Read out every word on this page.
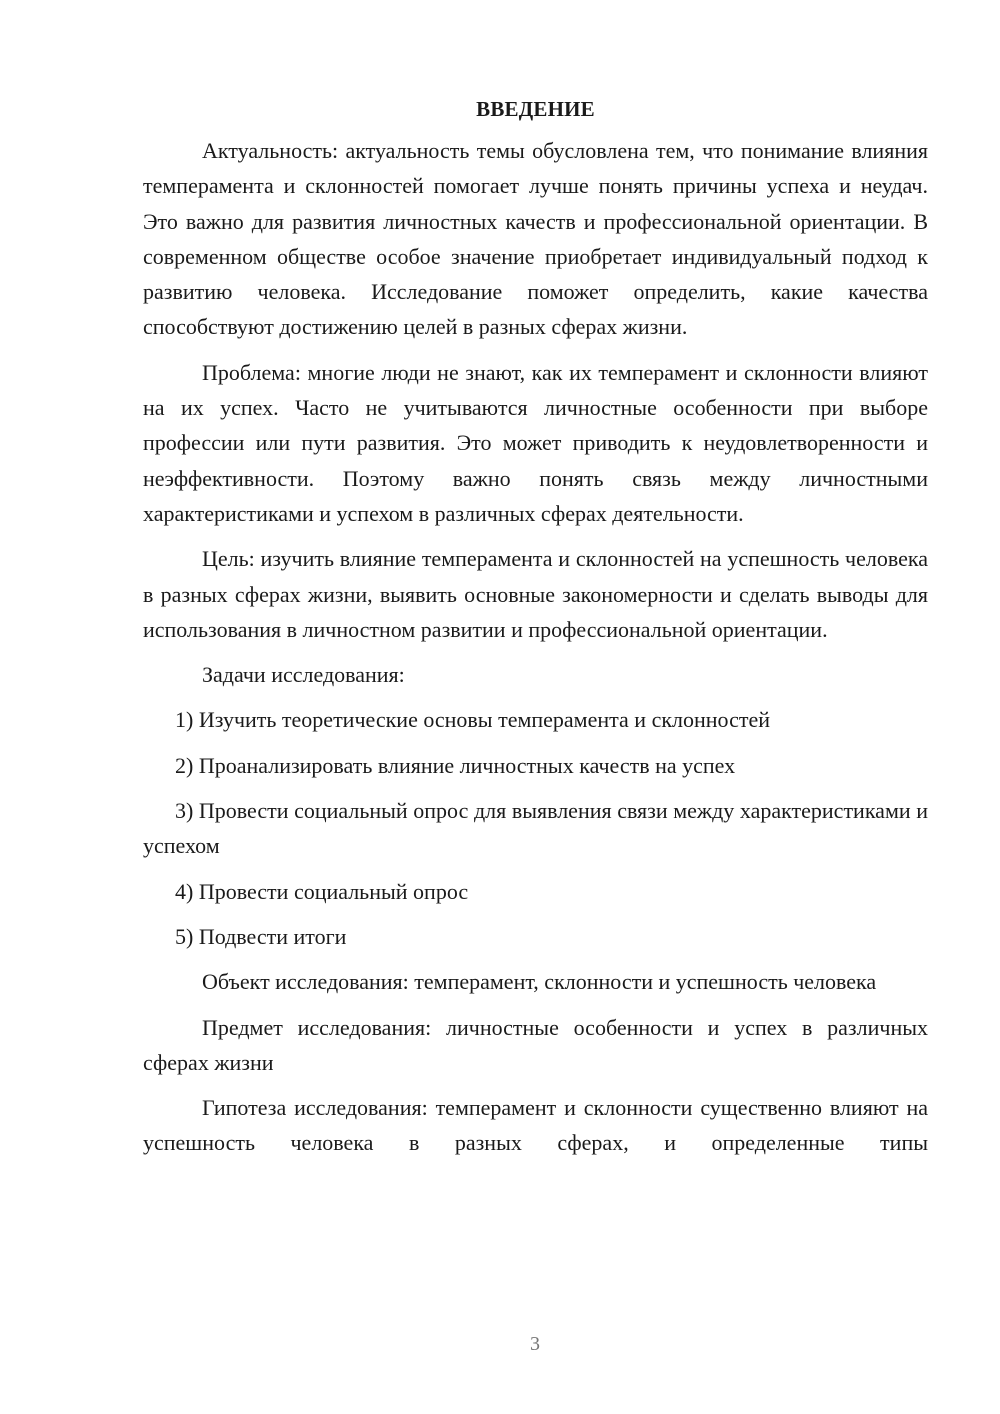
ВВЕДЕНИЕ

Актуальность: актуальность темы обусловлена тем, что понимание влияния темперамента и склонностей помогает лучше понять причины успеха и неудач. Это важно для развития личностных качеств и профессиональной ориентации. В современном обществе особое значение приобретает индивидуальный подход к развитию человека. Исследование поможет определить, какие качества способствуют достижению целей в разных сферах жизни.

Проблема: многие люди не знают, как их темперамент и склонности влияют на их успех. Часто не учитываются личностные особенности при выборе профессии или пути развития. Это может приводить к неудовлетворенности и неэффективности. Поэтому важно понять связь между личностными характеристиками и успехом в различных сферах деятельности.

Цель: изучить влияние темперамента и склонностей на успешность человека в разных сферах жизни, выявить основные закономерности и сделать выводы для использования в личностном развитии и профессиональной ориентации.

Задачи исследования:

1) Изучить теоретические основы темперамента и склонностей

2) Проанализировать влияние личностных качеств на успех

3) Провести социальный опрос для выявления связи между характеристиками и успехом

4) Провести социальный опрос

5) Подвести итоги

Объект исследования: темперамент, склонности и успешность человека

Предмет исследования: личностные особенности и успех в различных сферах жизни

Гипотеза исследования: темперамент и склонности существенно влияют на успешность человека в разных сферах, и определенные типы

3
